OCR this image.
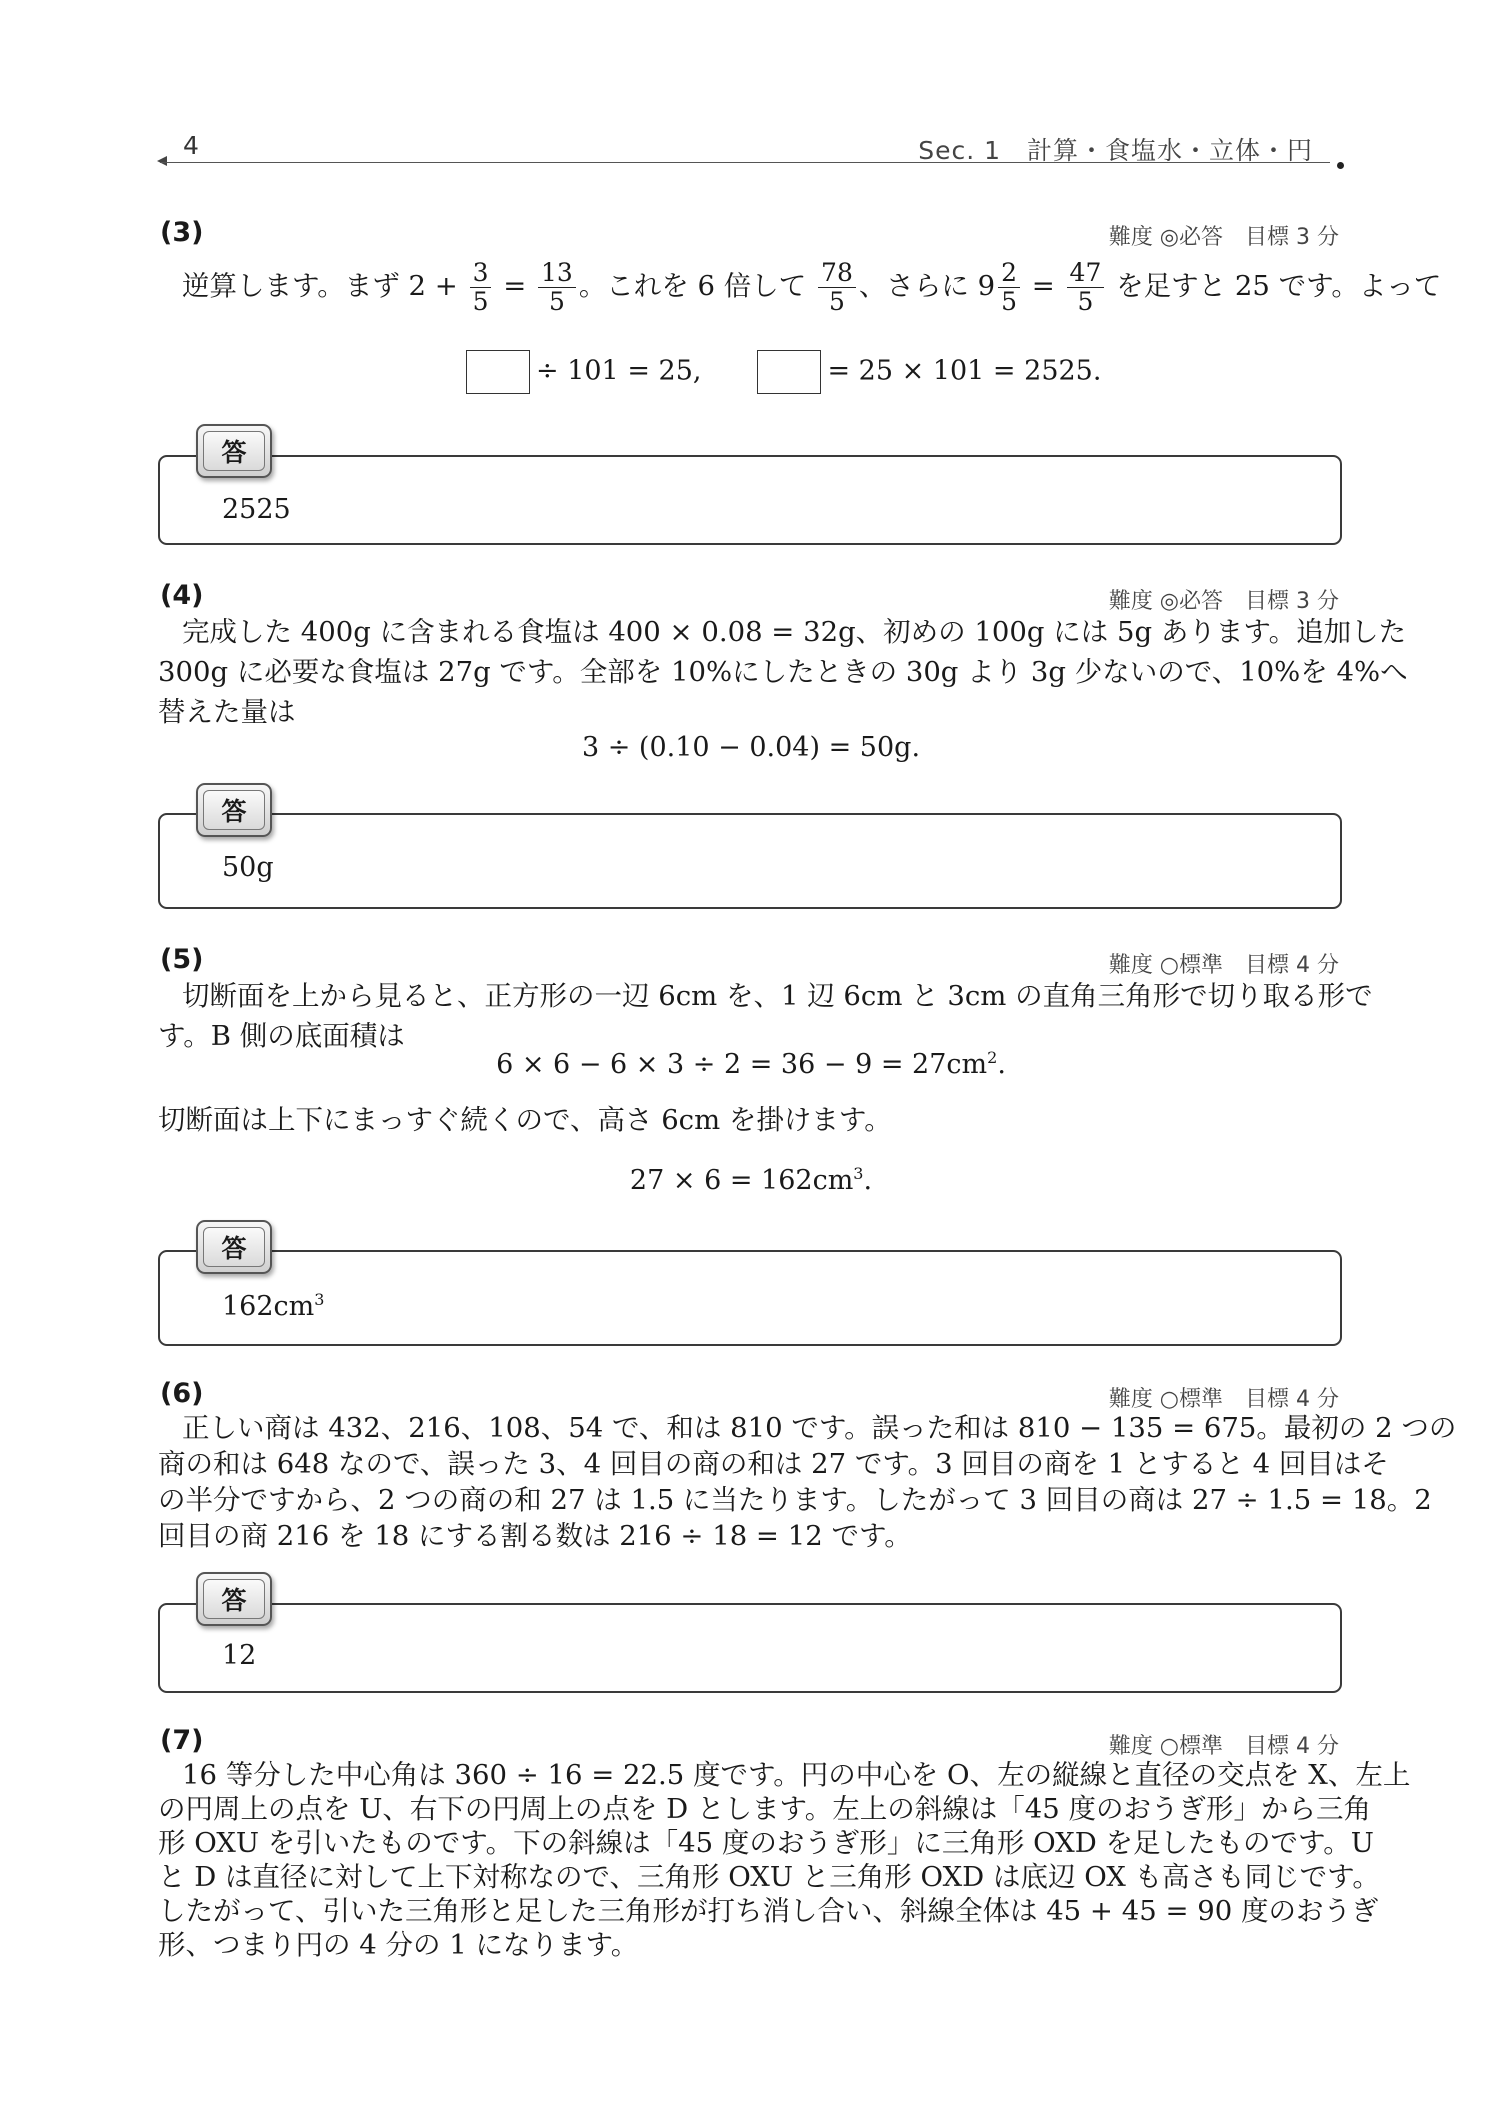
4	Sec. 1　計算・食塩水・立体・円
(3)	難度 ◎必答　目標 3 分
逆算します。まず $2 + \frac{3}{5} = \frac{13}{5}$ 。これを 6 倍して $\frac{78}{5}$ 、さらに $9 \frac{2}{5} = \frac{47}{5}$ を足すと 25 です。よって
÷ 101 = 25,	= 25 × 101 = 2525.
答
2525
(4)	難度 ◎必答　目標 3 分
完成した 400g に含まれる食塩は 400 × 0.08 = 32g、初めの 100g には 5g あります。追加した
300g に必要な食塩は 27g です。全部を 10%にしたときの 30g より 3g 少ないので、10%を 4%へ
替えた量は
3 ÷ (0.10 − 0.04) = 50g.
答
50g
(5)	難度 ○標準　目標 4 分
切断面を上から見ると、正方形の一辺 6cm を、1 辺 6cm と 3cm の直角三角形で切り取る形で
す。B 側の底面積は
$6 \times 6 - 6 \times 3 \div 2 = 36 - 9 = 27cm^2$.
切断面は上下にまっすぐ続くので、高さ 6cm を掛けます。
$27 \times 6 = 162cm^3$.
答
$162cm^3$
(6)	難度 ○標準　目標 4 分
正しい商は 432、216、108、54 で、和は 810 です。誤った和は 810 − 135 = 675。最初の 2 つの
商の和は 648 なので、誤った 3、4 回目の商の和は 27 です。3 回目の商を 1 とすると 4 回目はそ
の半分ですから、2 つの商の和 27 は 1.5 に当たります。したがって 3 回目の商は 27 ÷ 1.5 = 18。2
回目の商 216 を 18 にする割る数は 216 ÷ 18 = 12 です。
答
12
(7)	難度 ○標準　目標 4 分
16 等分した中心角は 360 ÷ 16 = 22.5 度です。円の中心を O、左の縦線と直径の交点を X、左上
の円周上の点を U、右下の円周上の点を D とします。左上の斜線は「45 度のおうぎ形」から三角
形 OXU を引いたものです。下の斜線は「45 度のおうぎ形」に三角形 OXD を足したものです。U
と D は直径に対して上下対称なので、三角形 OXU と三角形 OXD は底辺 OX も高さも同じです。
したがって、引いた三角形と足した三角形が打ち消し合い、斜線全体は 45 + 45 = 90 度のおうぎ
形、つまり円の 4 分の 1 になります。
